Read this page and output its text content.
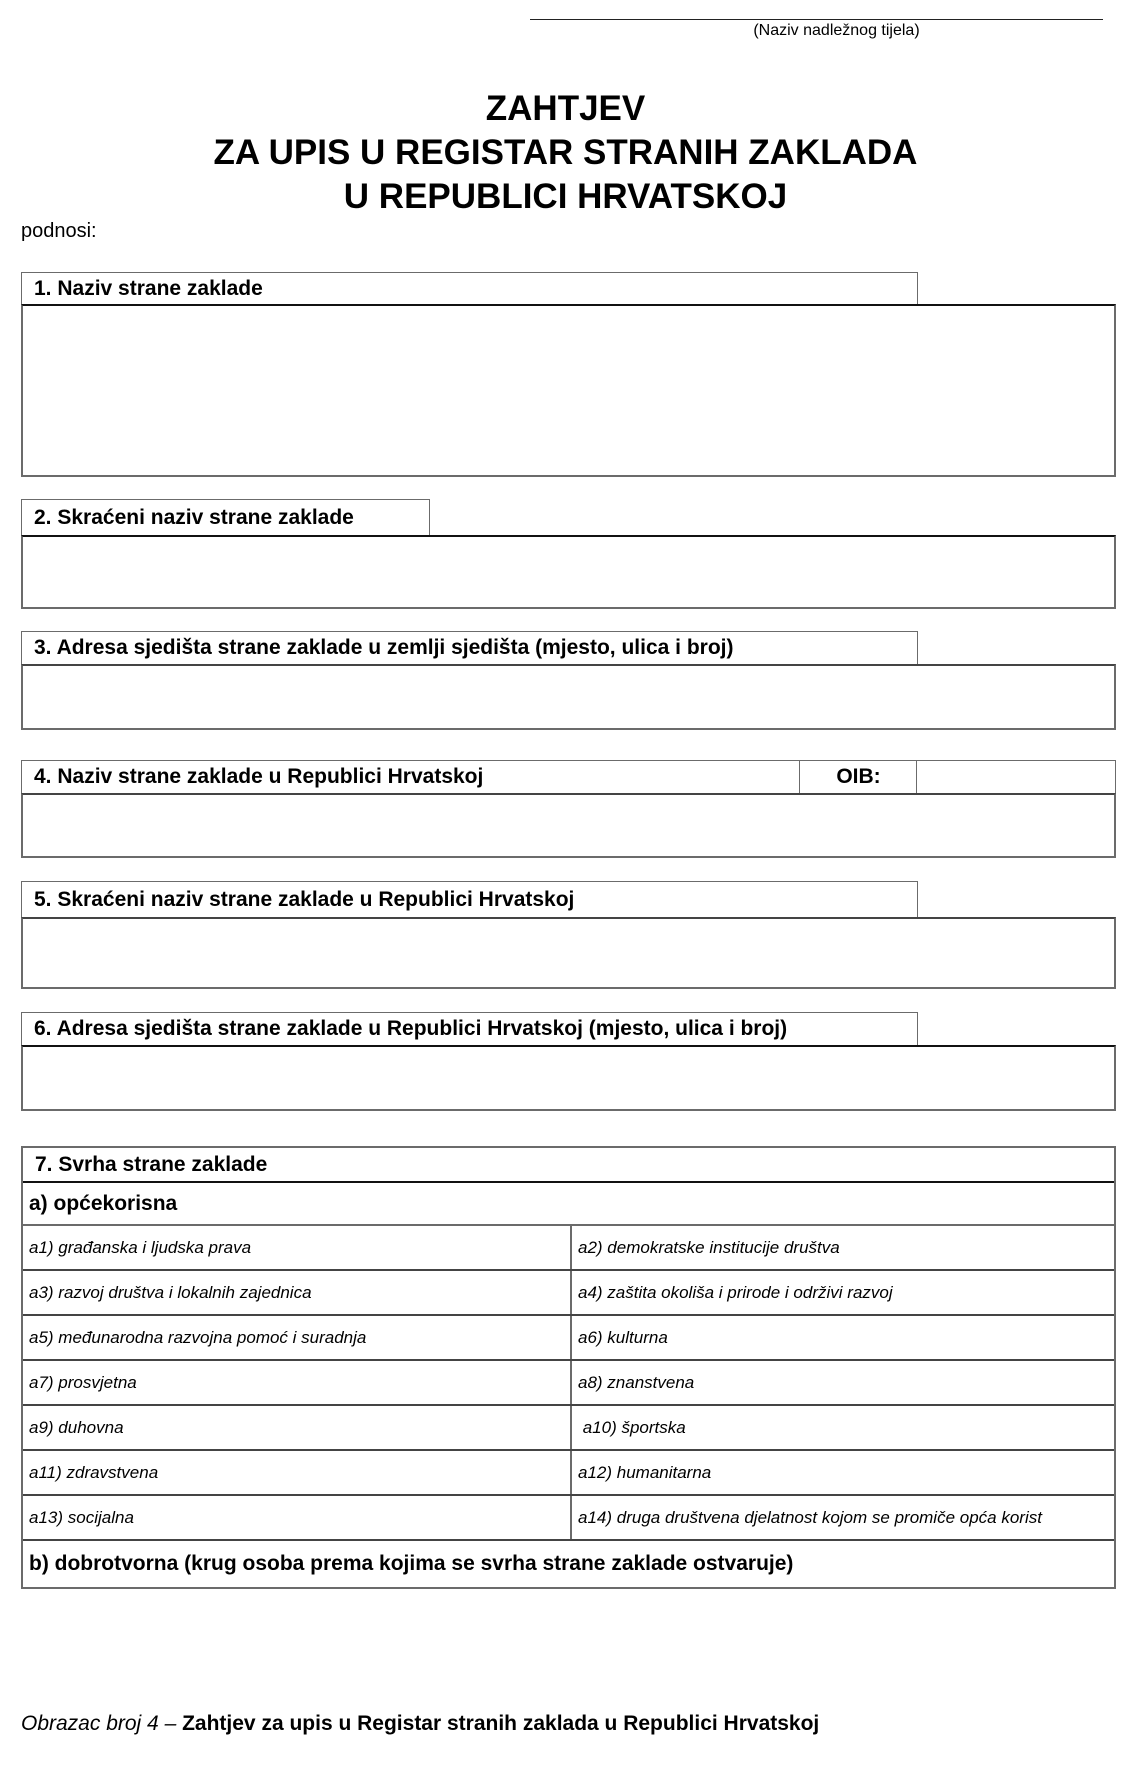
(Naziv nadležnog tijela)
ZAHTJEV
ZA UPIS U REGISTAR STRANIH ZAKLADA
U REPUBLICI HRVATSKOJ
podnosi:
1. Naziv strane zaklade
2. Skraćeni naziv strane zaklade
3. Adresa sjedišta strane zaklade u zemlji sjedišta (mjesto, ulica i broj)
4. Naziv strane zaklade u Republici Hrvatskoj	OIB:
5. Skraćeni naziv strane zaklade u Republici Hrvatskoj
6. Adresa sjedišta strane zaklade u Republici Hrvatskoj (mjesto, ulica i broj)
7. Svrha strane zaklade
a) općekorisna
a1) građanska i ljudska prava	a2) demokratske institucije društva
a3) razvoj društva i lokalnih zajednica	a4) zaštita okoliša i prirode i održivi razvoj
a5) međunarodna razvojna pomoć i suradnja	a6) kulturna
a7) prosvjetna	a8) znanstvena
a9) duhovna	a10) športska
a11) zdravstvena	a12) humanitarna
a13) socijalna	a14) druga društvena djelatnost kojom se promiče opća korist
b) dobrotvorna (krug osoba prema kojima se svrha strane zaklade ostvaruje)
Obrazac broj 4 – Zahtjev za upis u Registar stranih zaklada u Republici Hrvatskoj
